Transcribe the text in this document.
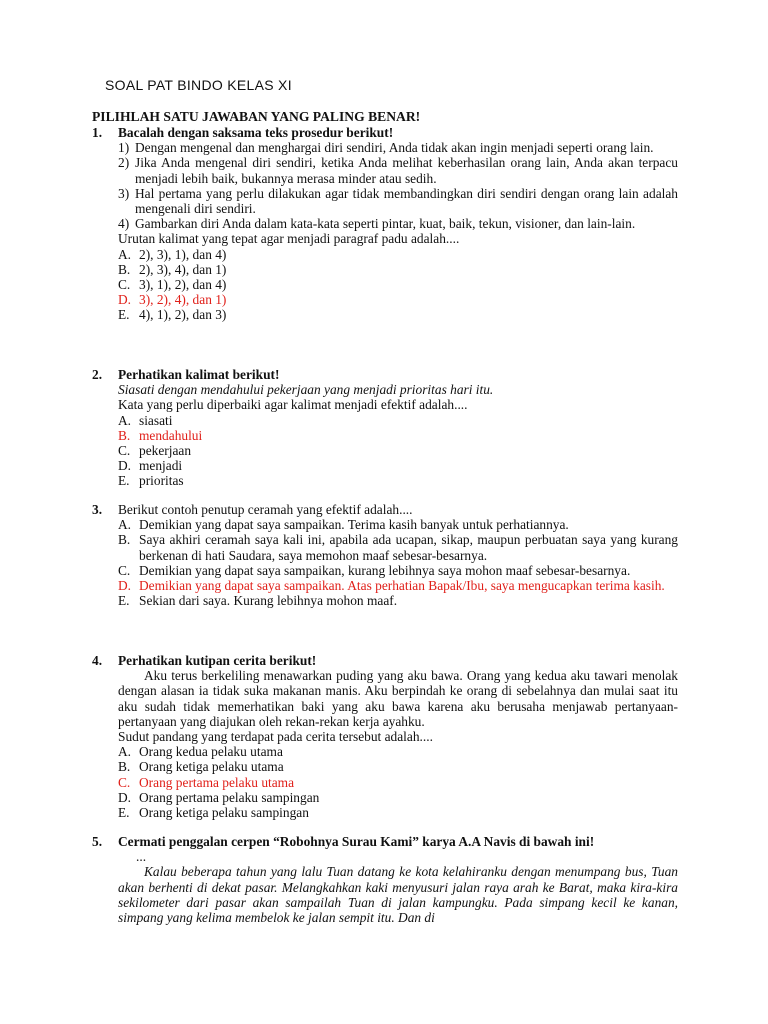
SOAL PAT BINDO KELAS XI
PILIHLAH SATU JAWABAN YANG PALING BENAR!
1. Bacalah dengan saksama teks prosedur berikut!
1) Dengan mengenal dan menghargai diri sendiri, Anda tidak akan ingin menjadi seperti orang lain.
2) Jika Anda mengenal diri sendiri, ketika Anda melihat keberhasilan orang lain, Anda akan terpacu menjadi lebih baik, bukannya merasa minder atau sedih.
3) Hal pertama yang perlu dilakukan agar tidak membandingkan diri sendiri dengan orang lain adalah mengenali diri sendiri.
4) Gambarkan diri Anda dalam kata-kata seperti pintar, kuat, baik, tekun, visioner, dan lain-lain.
Urutan kalimat yang tepat agar menjadi paragraf padu adalah....
A. 2), 3), 1), dan 4)
B. 2), 3), 4), dan 1)
C. 3), 1), 2), dan 4)
D. 3), 2), 4), dan 1)
E. 4), 1), 2), dan 3)
2. Perhatikan kalimat berikut!
Siasati dengan mendahului pekerjaan yang menjadi prioritas hari itu.
Kata yang perlu diperbaiki agar kalimat menjadi efektif adalah....
A. siasati
B. mendahului
C. pekerjaan
D. menjadi
E. prioritas
3. Berikut contoh penutup ceramah yang efektif adalah....
A. Demikian yang dapat saya sampaikan. Terima kasih banyak untuk perhatiannya.
B. Saya akhiri ceramah saya kali ini, apabila ada ucapan, sikap, maupun perbuatan saya yang kurang berkenan di hati Saudara, saya memohon maaf sebesar-besarnya.
C. Demikian yang dapat saya sampaikan, kurang lebihnya saya mohon maaf sebesar-besarnya.
D. Demikian yang dapat saya sampaikan. Atas perhatian Bapak/Ibu, saya mengucapkan terima kasih.
E. Sekian dari saya. Kurang lebihnya mohon maaf.
4. Perhatikan kutipan cerita berikut!
Aku terus berkeliling menawarkan puding yang aku bawa. Orang yang kedua aku tawari menolak dengan alasan ia tidak suka makanan manis. Aku berpindah ke orang di sebelahnya dan mulai saat itu aku sudah tidak memerhatikan baki yang aku bawa karena aku berusaha menjawab pertanyaan-pertanyaan yang diajukan oleh rekan-rekan kerja ayahku.
Sudut pandang yang terdapat pada cerita tersebut adalah....
A. Orang kedua pelaku utama
B. Orang ketiga pelaku utama
C. Orang pertama pelaku utama
D. Orang pertama pelaku sampingan
E. Orang ketiga pelaku sampingan
5. Cermati penggalan cerpen “Robohnya Surau Kami” karya A.A Navis di bawah ini!
...
Kalau beberapa tahun yang lalu Tuan datang ke kota kelahiranku dengan menumpang bus, Tuan akan berhenti di dekat pasar. Melangkahkan kaki menyusuri jalan raya arah ke Barat, maka kira-kira sekilometer dari pasar akan sampailah Tuan di jalan kampungku. Pada simpang kecil ke kanan, simpang yang kelima membelok ke jalan sempit itu. Dan di
